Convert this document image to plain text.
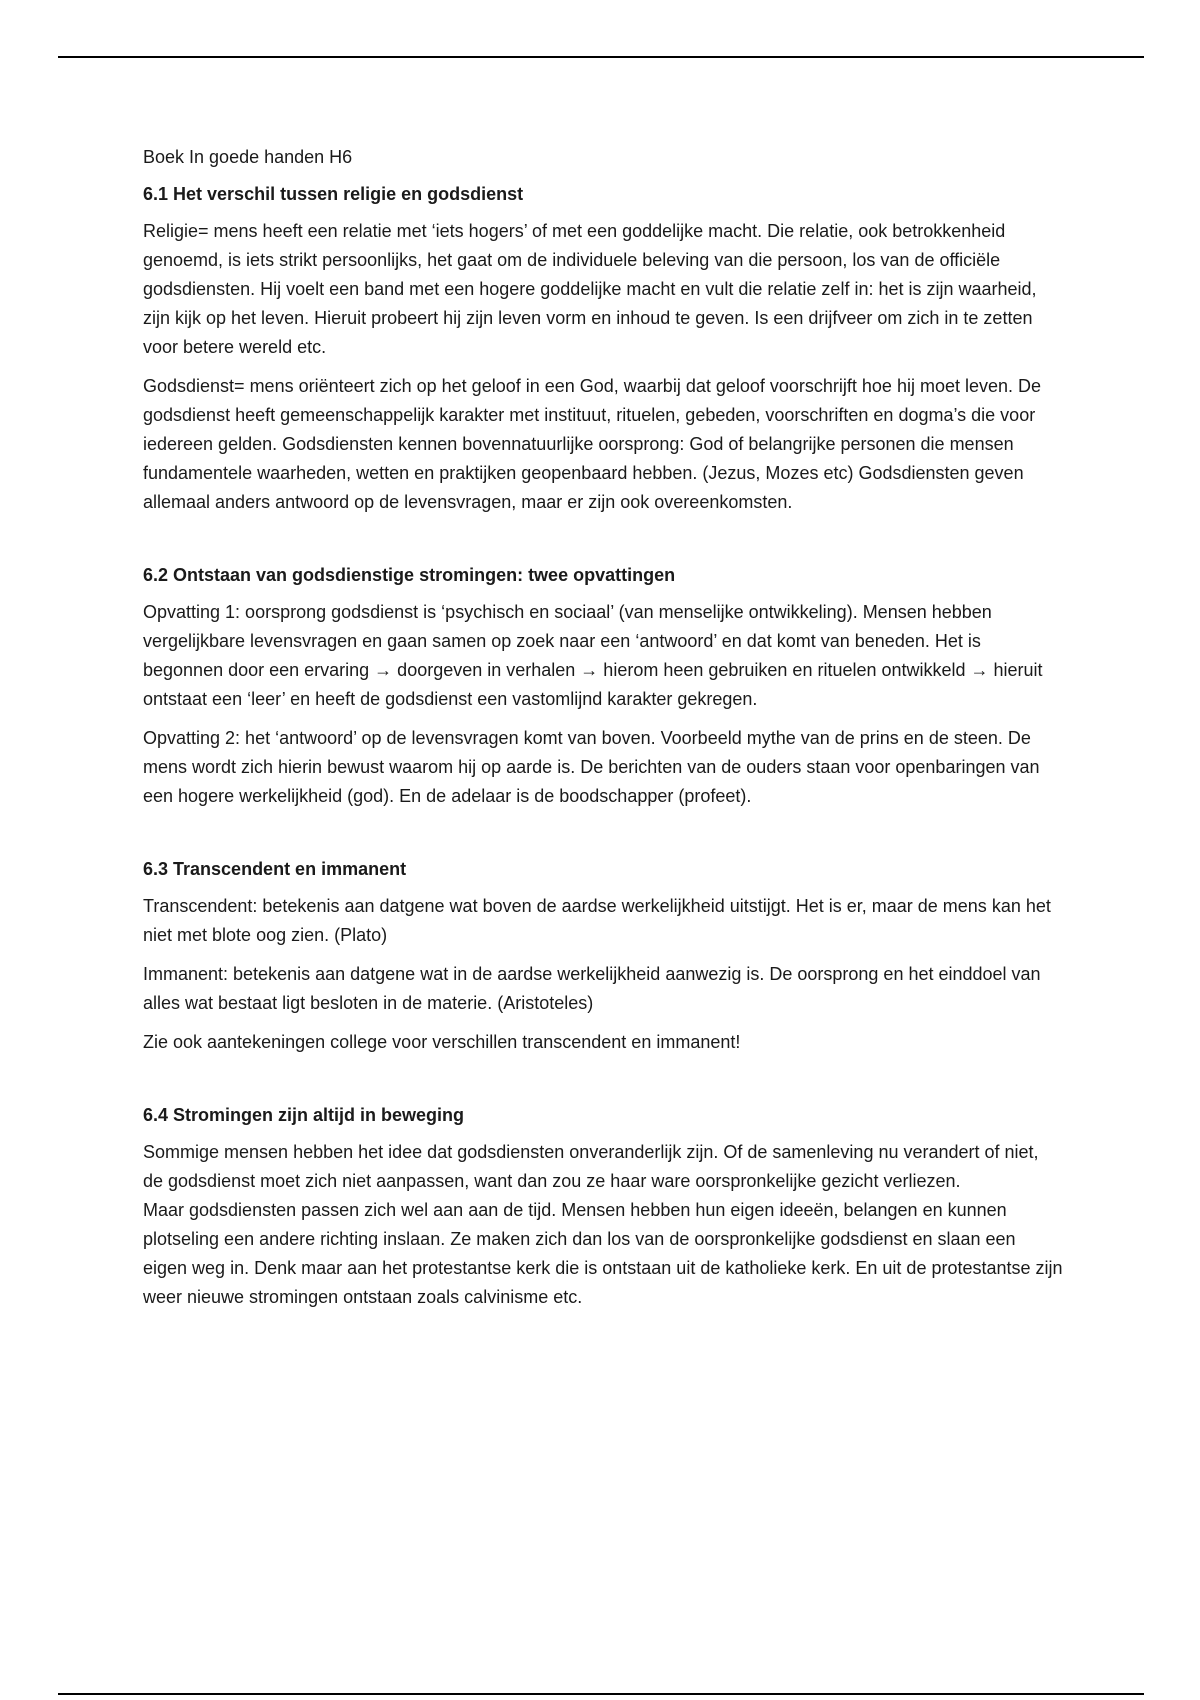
Boek In goede handen H6

6.1 Het verschil tussen religie en godsdienst

Religie= mens heeft een relatie met ‘iets hogers’ of met een goddelijke macht. Die relatie, ook betrokkenheid genoemd, is iets strikt persoonlijks, het gaat om de individuele beleving van die persoon, los van de officiële godsdiensten. Hij voelt een band met een hogere goddelijke macht en vult die relatie zelf in: het is zijn waarheid, zijn kijk op het leven. Hieruit probeert hij zijn leven vorm en inhoud te geven. Is een drijfveer om zich in te zetten voor betere wereld etc.

Godsdienst= mens oriënteert zich op het geloof in een God, waarbij dat geloof voorschrijft hoe hij moet leven. De godsdienst heeft gemeenschappelijk karakter met instituut, rituelen, gebeden, voorschriften en dogma’s die voor iedereen gelden. Godsdiensten kennen bovennatuurlijke oorsprong: God of belangrijke personen die mensen fundamentele waarheden, wetten en praktijken geopenbaard hebben. (Jezus, Mozes etc) Godsdiensten geven allemaal anders antwoord op de levensvragen, maar er zijn ook overeenkomsten.

6.2 Ontstaan van godsdienstige stromingen: twee opvattingen

Opvatting 1: oorsprong godsdienst is ‘psychisch en sociaal’ (van menselijke ontwikkeling). Mensen hebben vergelijkbare levensvragen en gaan samen op zoek naar een ‘antwoord’ en dat komt van beneden. Het is begonnen door een ervaring → doorgeven in verhalen → hierom heen gebruiken en rituelen ontwikkeld → hieruit ontstaat een ‘leer’ en heeft de godsdienst een vastomlijnd karakter gekregen.

Opvatting 2: het ‘antwoord’ op de levensvragen komt van boven. Voorbeeld mythe van de prins en de steen. De mens wordt zich hierin bewust waarom hij op aarde is. De berichten van de ouders staan voor openbaringen van een hogere werkelijkheid (god). En de adelaar is de boodschapper (profeet).

6.3 Transcendent en immanent

Transcendent: betekenis aan datgene wat boven de aardse werkelijkheid uitstijgt. Het is er, maar de mens kan het niet met blote oog zien. (Plato)

Immanent: betekenis aan datgene wat in de aardse werkelijkheid aanwezig is. De oorsprong en het einddoel van alles wat bestaat ligt besloten in de materie. (Aristoteles)

Zie ook aantekeningen college voor verschillen transcendent en immanent!

6.4 Stromingen zijn altijd in beweging

Sommige mensen hebben het idee dat godsdiensten onveranderlijk zijn. Of de samenleving nu verandert of niet, de godsdienst moet zich niet aanpassen, want dan zou ze haar ware oorspronkelijke gezicht verliezen.

Maar godsdiensten passen zich wel aan aan de tijd. Mensen hebben hun eigen ideeën, belangen en kunnen plotseling een andere richting inslaan. Ze maken zich dan los van de oorspronkelijke godsdienst en slaan een eigen weg in. Denk maar aan het protestantse kerk die is ontstaan uit de katholieke kerk. En uit de protestantse zijn weer nieuwe stromingen ontstaan zoals calvinisme etc.
